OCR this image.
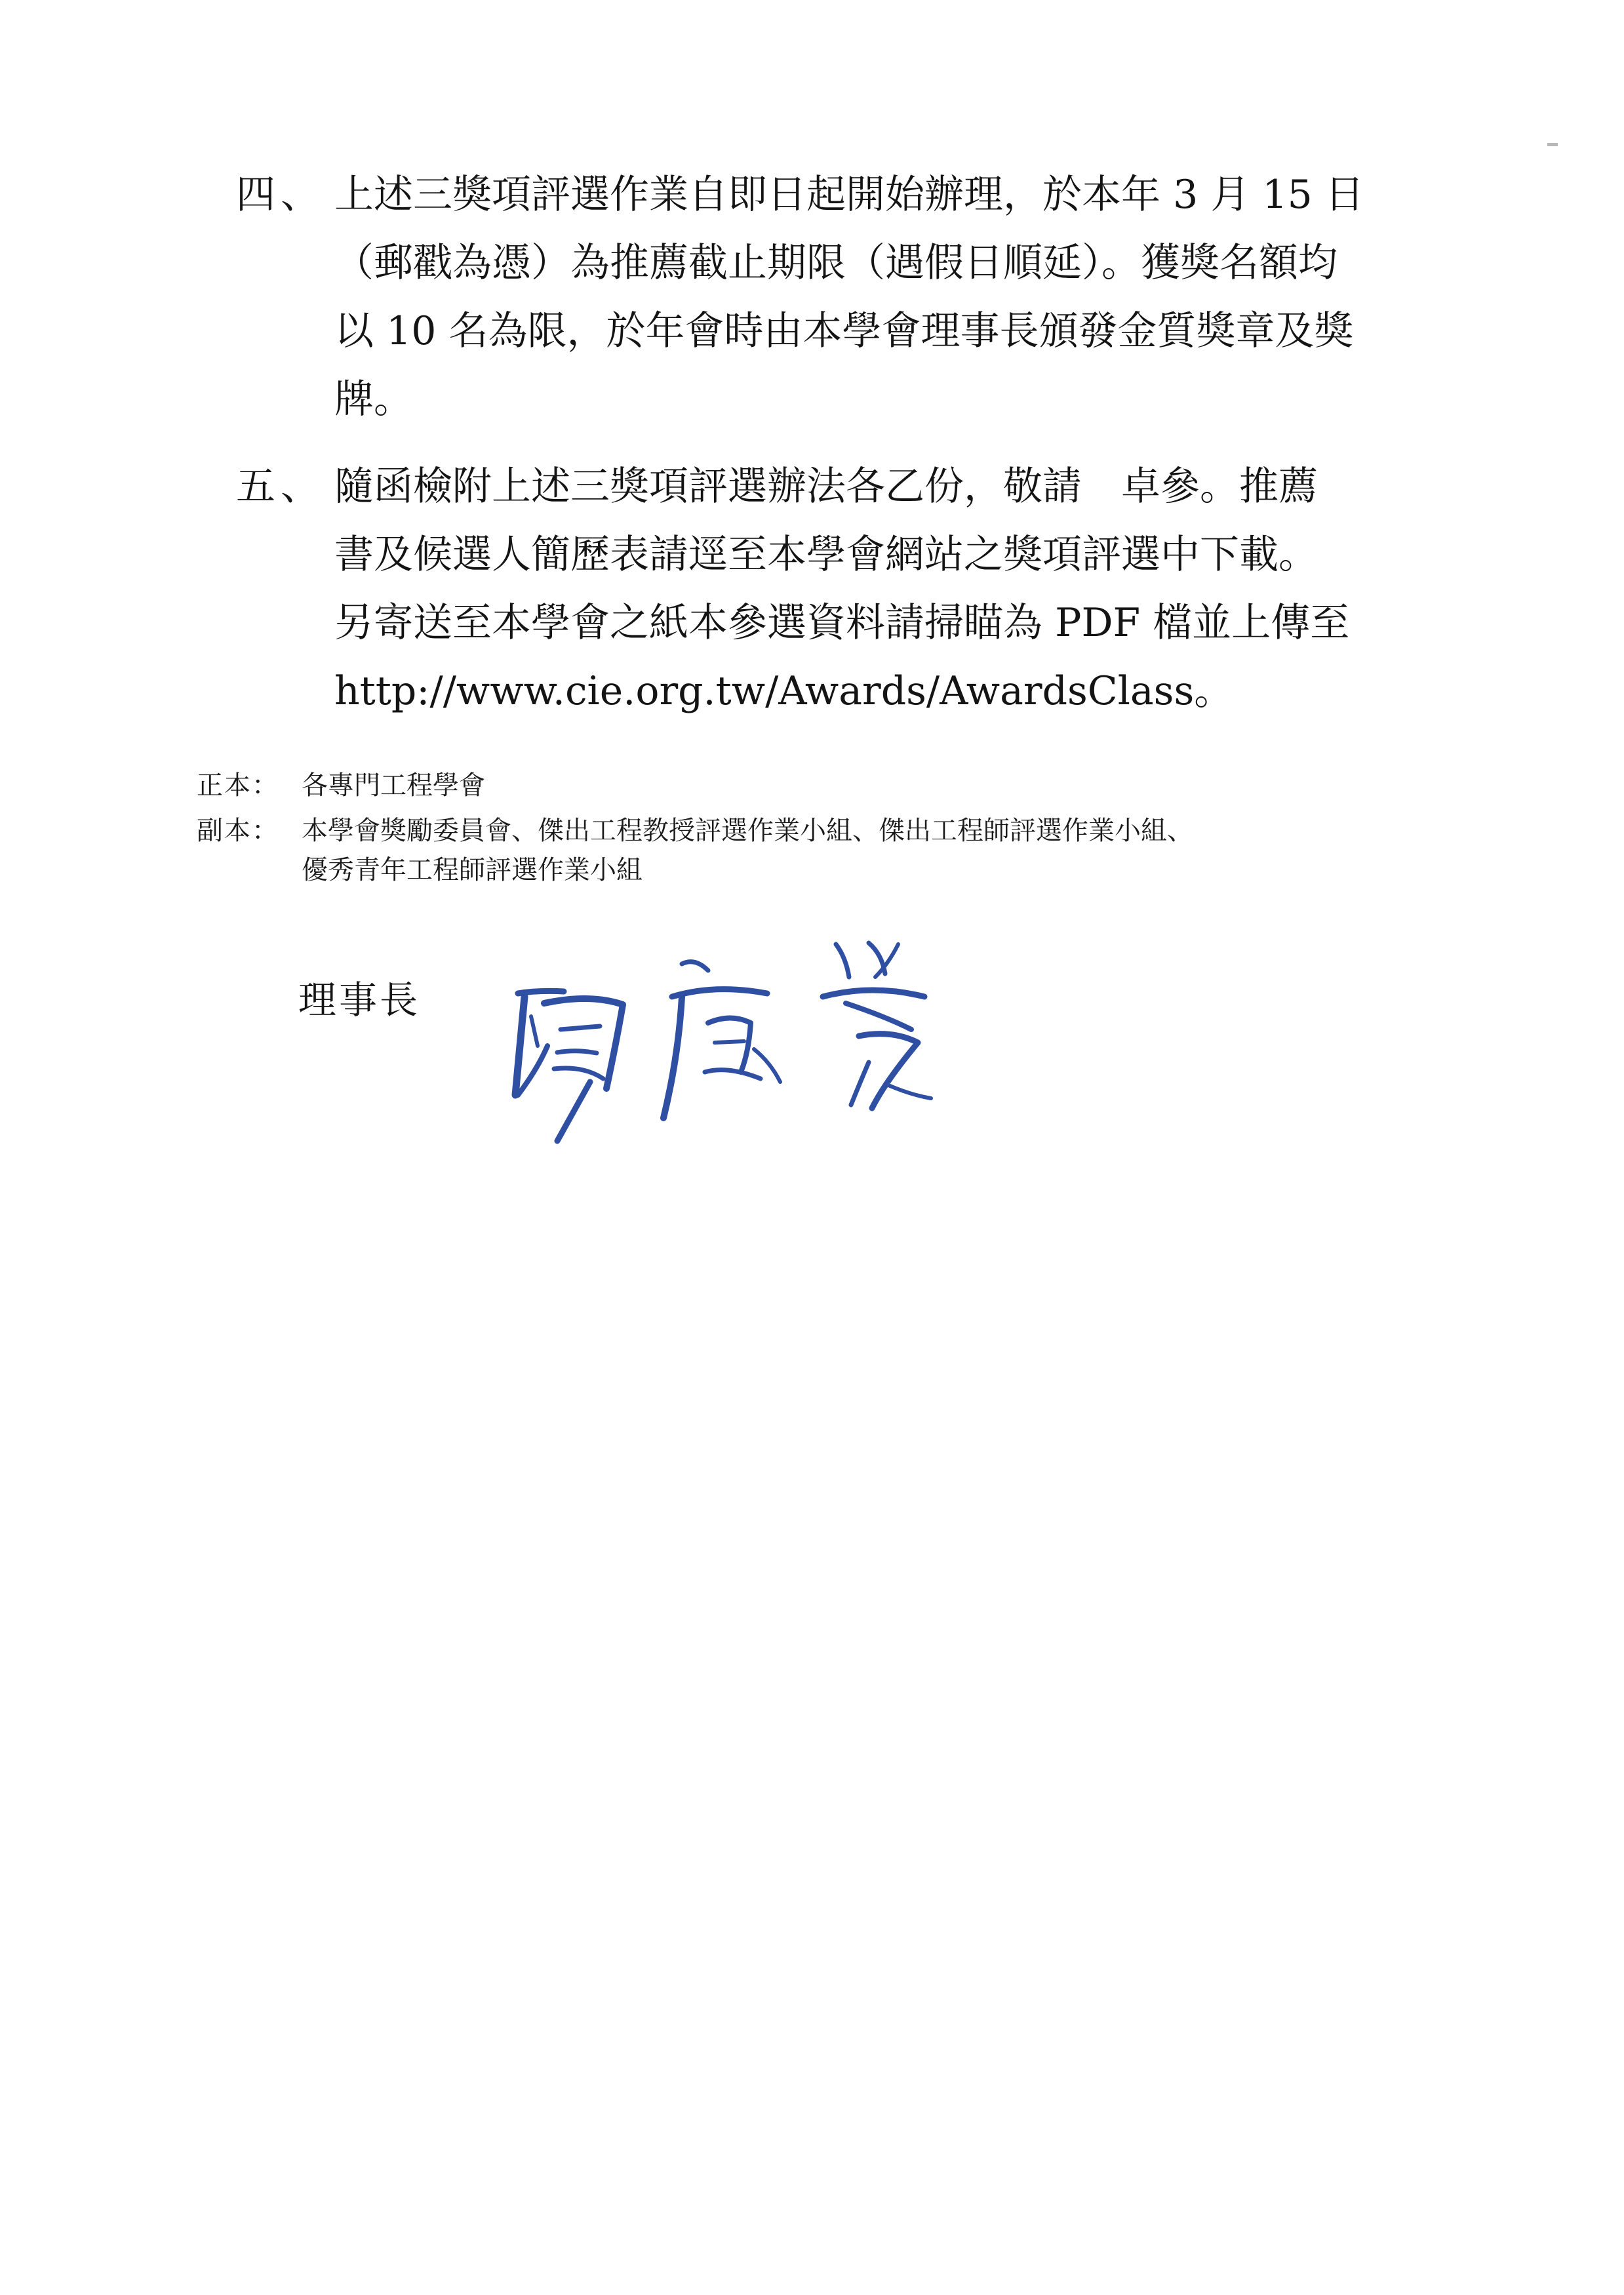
四、 上述三獎項評選作業自即日起開始辦理，於本年 3 月 15 日
（郵戳為憑）為推薦截止期限（遇假日順延）。獲獎名額均
以 10 名為限，於年會時由本學會理事長頒發金質獎章及獎
牌。
五、 隨函檢附上述三獎項評選辦法各乙份，敬請　卓參。推薦
書及候選人簡歷表請逕至本學會網站之獎項評選中下載。
另寄送至本學會之紙本參選資料請掃瞄為 PDF 檔並上傳至
http://www.cie.org.tw/Awards/AwardsClass。
正本： 各專門工程學會
副本： 本學會獎勵委員會、傑出工程教授評選作業小組、傑出工程師評選作業小組、
優秀青年工程師評選作業小組
理事長
